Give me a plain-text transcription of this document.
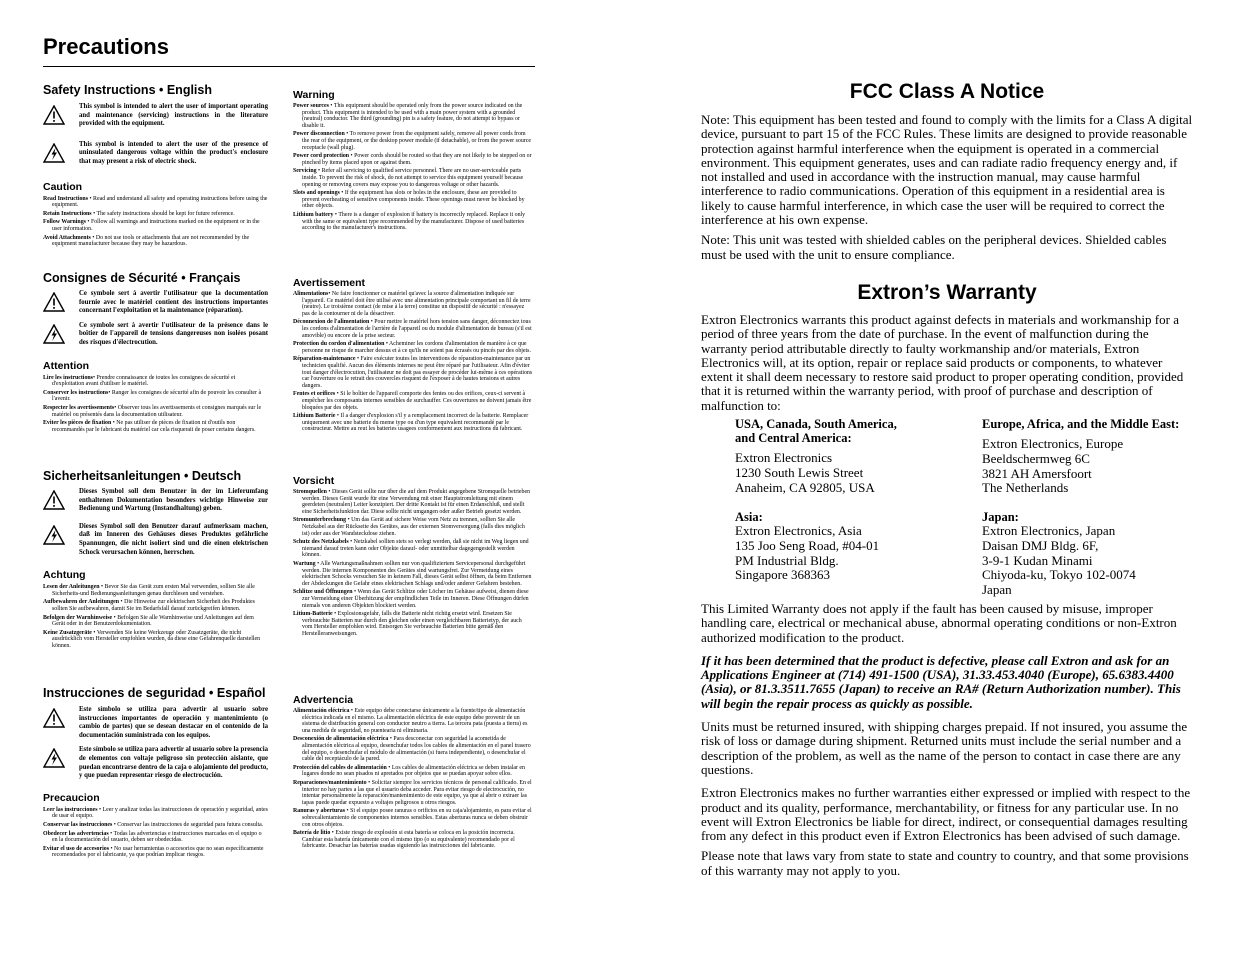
Precautions
Safety Instructions • English
This symbol is intended to alert the user of important operating and maintenance (servicing) instructions in the literature provided with the equipment.
This symbol is intended to alert the user of the presence of uninsulated dangerous voltage within the product's enclosure that may present a risk of electric shock.
Caution
Read Instructions • Read and understand all safety and operating instructions before using the equipment.
Retain Instructions • The safety instructions should be kept for future reference.
Follow Warnings • Follow all warnings and instructions marked on the equipment or in the user information.
Avoid Attachments • Do not use tools or attachments that are not recommended by the equipment manufacturer because they may be hazardous.
Consignes de Sécurité • Français
Ce symbole sert à avertir l'utilisateur que la documentation fournie avec le matériel contient des instructions importantes concernant l'exploitation et la maintenance (réparation).
Ce symbole sert à avertir l'utilisateur de la présence dans le boîtier de l'appareil de tensions dangereuses non isolées posant des risques d'électrocution.
Attention
Lire les instructions• Prendre connaissance de toutes les consignes de sécurité et d'exploitation avant d'utiliser le matériel.
Conserver les instructions• Ranger les consignes de sécurité afin de pouvoir les consulter à l'avenir.
Respecter les avertissements• Observer tous les avertissements et consignes marqués sur le matériel ou présentés dans la documentation utilisateur.
Eviter les pièces de fixation • Ne pas utiliser de pièces de fixation ni d'outils non recommandés par le fabricant du matériel car cela risquerait de poser certains dangers.
Sicherheitsanleitungen • Deutsch
Dieses Symbol soll dem Benutzer in der im Lieferumfang enthaltenen Dokumentation besonders wichtige Hinweise zur Bedienung und Wartung (Instandhaltung) geben.
Dieses Symbol soll den Benutzer darauf aufmerksam machen, daß im Inneren des Gehäuses dieses Produktes gefährliche Spannungen, die nicht isoliert sind und die einen elektrischen Schock verursachen können, herrschen.
Achtung
Lesen der Anleitungen • Bevor Sie das Gerät zum ersten Mal verwenden, sollten Sie alle Sicherheits-und Bedienungsanleitungen genau durchlesen und verstehen.
Aufbewahren der Anleitungen • Die Hinweise zur elektrischen Sicherheit des Produktes sollten Sie aufbewahren, damit Sie im Bedarfsfall darauf zurückgreifen können.
Befolgen der Warnhinweise • Befolgen Sie alle Warnhinweise und Anleitungen auf dem Gerät oder in der Benutzerdokumentation.
Keine Zusatzgeräte • Verwenden Sie keine Werkzeuge oder Zusatzgeräte, die nicht ausdrücklich vom Hersteller empfohlen wurden, da diese eine Gefahrenquelle darstellen können.
Instrucciones de seguridad • Español
Este símbolo se utiliza para advertir al usuario sobre instrucciones importantes de operación y mantenimiento (o cambio de partes) que se desean destacar en el contenido de la documentación suministrada con los equipos.
Este símbolo se utiliza para advertir al usuario sobre la presencia de elementos con voltaje peligroso sin protección aislante, que puedan encontrarse dentro de la caja o alojamiento del producto, y que puedan representar riesgo de electrocución.
Precaucion
Leer las instrucciones • Leer y analizar todas las instrucciones de operación y seguridad, antes de usar el equipo.
Conservar las instrucciones • Conservar las instrucciones de seguridad para futura consulta.
Obedecer las advertencias • Todas las advertencias e instrucciones marcadas en el equipo o en la documentación del usuario, deben ser obedecidas.
Evitar el uso de accesorios • No usar herramientas o accesorios que no sean específicamente recomendados por el fabricante, ya que podrían implicar riesgos.
Warning
Power sources • This equipment should be operated only from the power source indicated on the product. This equipment is intended to be used with a main power system with a grounded (neutral) conductor. The third (grounding) pin is a safety feature, do not attempt to bypass or disable it.
Power disconnection • To remove power from the equipment safely, remove all power cords from the rear of the equipment, or the desktop power module (if detachable), or from the power source receptacle (wall plug).
Power cord protection • Power cords should be routed so that they are not likely to be stepped on or pinched by items placed upon or against them.
Servicing • Refer all servicing to qualified service personnel. There are no user-serviceable parts inside. To prevent the risk of shock, do not attempt to service this equipment yourself because opening or removing covers may expose you to dangerous voltage or other hazards.
Slots and openings • If the equipment has slots or holes in the enclosure, these are provided to prevent overheating of sensitive components inside. These openings must never be blocked by other objects.
Lithium battery • There is a danger of explosion if battery is incorrectly replaced. Replace it only with the same or equivalent type recommended by the manufacturer. Dispose of used batteries according to the manufacturer's instructions.
Avertissement
Alimentations• Ne faire fonctionner ce matériel qu'avec la source d'alimentation indiquée sur l'appareil. Ce matériel doit être utilisé avec une alimentation principale comportant un fil de terre (neutre). Le troisième contact (de mise à la terre) constitue un dispositif de sécurité : n'essayez pas de la contourner ni de la désactiver.
Déconnexion de l'alimentation • Pour mettre le matériel hors tension sans danger, déconnectez tous les cordons d'alimentation de l'arrière de l'appareil ou du module d'alimentation de bureau (s'il est amovible) ou encore de la prise secteur.
Protection du cordon d'alimentation • Acheminer les cordons d'alimentation de manière à ce que personne ne risque de marcher dessus et à ce qu'ils ne soient pas écrasés ou pincés par des objets.
Réparation-maintenance • Faire exécuter toutes les interventions de réparation-maintenance par un technicien qualifié. Aucun des éléments internes ne peut être réparé par l'utilisateur. Afin d'éviter tout danger d'électrocution, l'utilisateur ne doit pas essayer de procéder lui-même à ces opérations car l'ouverture ou le retrait des couvercles risquent de l'exposer à de hautes tensions et autres dangers.
Fentes et orifices • Si le boîtier de l'appareil comporte des fentes ou des orifices, ceux-ci servent à empêcher les composants internes sensibles de surchauffer. Ces ouvertures ne doivent jamais être bloquées par des objets.
Lithium Batterie • Il a danger d'explosion s'il y a remplacement incorrect de la batterie. Remplacer uniquement avec une batterie du meme type ou d'un type equivalent recommandé par le constructeur. Mettre au reut les batteries usagees conformement aux instructions du fabricant.
Vorsicht
Stromquellen • Dieses Gerät sollte nur über die auf dem Produkt angegebene Stromquelle betrieben werden. Dieses Gerät wurde für eine Verwendung mit einer Hauptstromleitung mit einem geerdeten (neutralen) Leiter konzipiert. Der dritte Kontakt ist für einen Erdanschluß, und stellt eine Sicherheitsfunktion dar. Diese sollte nicht umgangen oder außer Betrieb gesetzt werden.
Stromunterbrechung • Um das Gerät auf sichere Weise vom Netz zu trennen, sollten Sie alle Netzkabel aus der Rückseite des Gerätes, aus der externen Stomversorgung (falls dies möglich ist) oder aus der Wandsteckdose ziehen.
Schutz des Netzkabels • Netzkabel sollten stets so verlegt werden, daß sie nicht im Weg liegen und niemand darauf treten kann oder Objekte darauf- oder unmittelbar dagegengestellt werden können.
Wartung • Alle Wartungsmaßnahmen sollten nur von qualifiziertem Servicepersonal durchgeführt werden. Die internen Komponenten des Gerätes sind wartungsfrei. Zur Vermeidung eines elektrischen Schocks versuchen Sie in keinem Fall, dieses Gerät selbst öffnen, da beim Entfernen der Abdeckungen die Gefahr eines elektrischen Schlags und/oder anderer Gefahren bestehen.
Schlitze und Öffnungen • Wenn das Gerät Schlitze oder Löcher im Gehäuse aufweist, dienen diese zur Vermeidung einer Überhitzung der empfindlichen Teile im Inneren. Diese Öffnungen dürfen niemals von anderen Objekten blockiert werden.
Litium-Batterie • Explosionsgefahr, falls die Batterie nicht richtig ersetzt wird. Ersetzen Sie verbrauchte Batterien nur durch den gleichen oder einen vergleichbaren Batterietyp, der auch vom Hersteller empfohlen wird. Entsorgen Sie verbrauchte Batterien bitte gemäß den Herstelleranweisungen.
Advertencia
Alimentación eléctrica • Este equipo debe conectarse únicamente a la fuente/tipo de alimentación eléctrica indicada en el mismo. La alimentación eléctrica de este equipo debe provenir de un sistema de distribución general con conductor neutro a tierra. La tercera pata (puesta a tierra) es una medida de seguridad, no puentearia ni eliminaria.
Desconexión de alimentación eléctrica • Para desconectar con seguridad la acometida de alimentación eléctrica al equipo, desenchufar todos los cables de alimentación en el panel trasero del equipo, o desenchufar el módulo de alimentación (si fuera independiente), o desenchufar el cable del receptáculo de la pared.
Protección del cables de alimentación • Los cables de alimentación eléctrica se deben instalar en lugares donde no sean pisados ni apretados por objetos que se puedan apoyar sobre ellos.
Reparaciones/mantenimiento • Solicitar siempre los servicios técnicos de personal calificado. En el interior no hay partes a las que el usuario deba acceder. Para evitar riesgo de electrocución, no intentar personalmente la reparación/mantenimiento de este equipo, ya que al abrir o extraer las tapas puede quedar expuesto a voltajes peligrosos u otros riesgos.
Ranuras y aberturas • Si el equipo posee ranuras o orificios en su caja/alojamiento, es para evitar el sobrecalientamiento de componentes internos sensibles. Estas aberturas nunca se deben obstruir con otros objetos.
Batería de litio • Existe riesgo de explosión si esta batería se coloca en la posición incorrecta. Cambiar esta batería únicamente con el mismo tipo (o su equivalente) recomendado por el fabricante. Desachar las baterías usadas siguiendo las instrucciones del fabricante.
FCC Class A Notice

Note: This equipment has been tested and found to comply with the limits for a Class A digital device, pursuant to part 15 of the FCC Rules. These limits are designed to provide reasonable protection against harmful interference when the equipment is operated in a commercial environment. This equipment generates, uses and can radiate radio frequency energy and, if not installed and used in accordance with the instruction manual, may cause harmful interference to radio communications. Operation of this equipment in a residential area is likely to cause harmful interference, in which case the user will be required to correct the interference at his own expense.

Note: This unit was tested with shielded cables on the peripheral devices. Shielded cables must be used with the unit to ensure compliance.

Extron’s Warranty

Extron Electronics warrants this product against defects in materials and workmanship for a period of three years from the date of purchase. In the event of malfunction during the warranty period attributable directly to faulty workmanship and/or materials, Extron Electronics will, at its option, repair or replace said products or components, to whatever extent it shall deem necessary to restore said product to proper operating condition, provided that it is returned within the warranty period, with proof of purchase and description of malfunction to:

USA, Canada, South America,
and Central America:
Extron Electronics
1230 South Lewis Street
Anaheim, CA 92805, USA
Europe, Africa, and the Middle East:
Extron Electronics, Europe
Beeldschermweg 6C
3821 AH Amersfoort
The Netherlands
Asia:
Extron Electronics, Asia
135 Joo Seng Road, #04-01
PM Industrial Bldg.
Singapore 368363
Japan:
Extron Electronics, Japan
Daisan DMJ Bldg. 6F,
3-9-1 Kudan Minami
Chiyoda-ku, Tokyo 102-0074
Japan

This Limited Warranty does not apply if the fault has been caused by misuse, improper handling care, electrical or mechanical abuse, abnormal operating conditions or non-Extron authorized modification to the product.

If it has been determined that the product is defective, please call Extron and ask for an Applications Engineer at (714) 491-1500 (USA), 31.33.453.4040 (Europe), 65.6383.4400 (Asia), or 81.3.3511.7655 (Japan) to receive an RA# (Return Authorization number). This will begin the repair process as quickly as possible.

Units must be returned insured, with shipping charges prepaid. If not insured, you assume the risk of loss or damage during shipment. Returned units must include the serial number and a description of the problem, as well as the name of the person to contact in case there are any questions.

Extron Electronics makes no further warranties either expressed or implied with respect to the product and its quality, performance, merchantability, or fitness for any particular use. In no event will Extron Electronics be liable for direct, indirect, or consequential damages resulting from any defect in this product even if Extron Electronics has been advised of such damage.

Please note that laws vary from state to state and country to country, and that some provisions of this warranty may not apply to you.
